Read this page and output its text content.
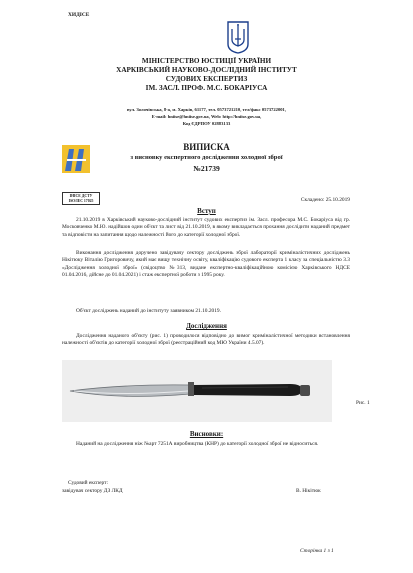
ХИДІСЕ
МІНІСТЕРСТВО ЮСТИЦІЇ УКРАЇНИ
ХАРКІВСЬКИЙ НАУКОВО-ДОСЛІДНИЙ ІНСТИТУТ
СУДОВИХ ЕКСПЕРТИЗ
ІМ. ЗАСЛ. ПРОФ. М.С. БОКАРІУСА
вул. Золочівська, 8-а, м. Харків, 61177, тел. 0573721210, тел/факс 0573722001,
E-mail: hniise@hniise.gov.ua, Web: http://hniise.gov.ua,
Код ЄДРПОУ 02883133
ВИПИСКА
з висновку експертного дослідження холодної зброї
№21739
ІНІСЕ ДСТУ ISO/IEC 17025	Складено: 25.10.2019
Вступ
21.10.2019 в Харківський науково-дослідний інститут судових експертиз ім. Засл. професора М.С. Бокаріуса від гр. Московченко М.Ю. надійшов один об'єкт та лист від 21.10.2019, в якому викладається прохання дослідити наданий предмет та відповісти на запитання щодо належності його до категорії холодної зброї.
Виконання дослідження доручено завідувачу сектору досліджень зброї лабораторії криміналістичних досліджень Нікітюку Віталію Григоровичу, який має вищу технічну освіту, кваліфікацію судового експерта 1 класу за спеціальністю 3.3 «Дослідження холодної зброї» (свідоцтво №313, видане експертно-кваліфікаційною комісією Харківського НДСЕ 01.04.2016, дійсне до 01.04.2021) і стаж експертної роботи з 1995 року.
Об'єкт досліджень наданий до інституту заявником 21.10.2019.
Дослідження
Дослідження наданого об'єкту (рис. 1) проводилося відповідно до вимог криміналістичної методики встановлення належності об'єктів до категорії холодної зброї (реєстраційний код МЮ України 4.5.07).
Рис. 1
Висновки:
Наданий на дослідження ніж №арт 7251А виробництва (КНР) до категорії холодної зброї не відноситься.
Судовий експерт:
завідувач сектору ДЗ ЛКД	В. Нікітюк
Сторінка 1 з 1
